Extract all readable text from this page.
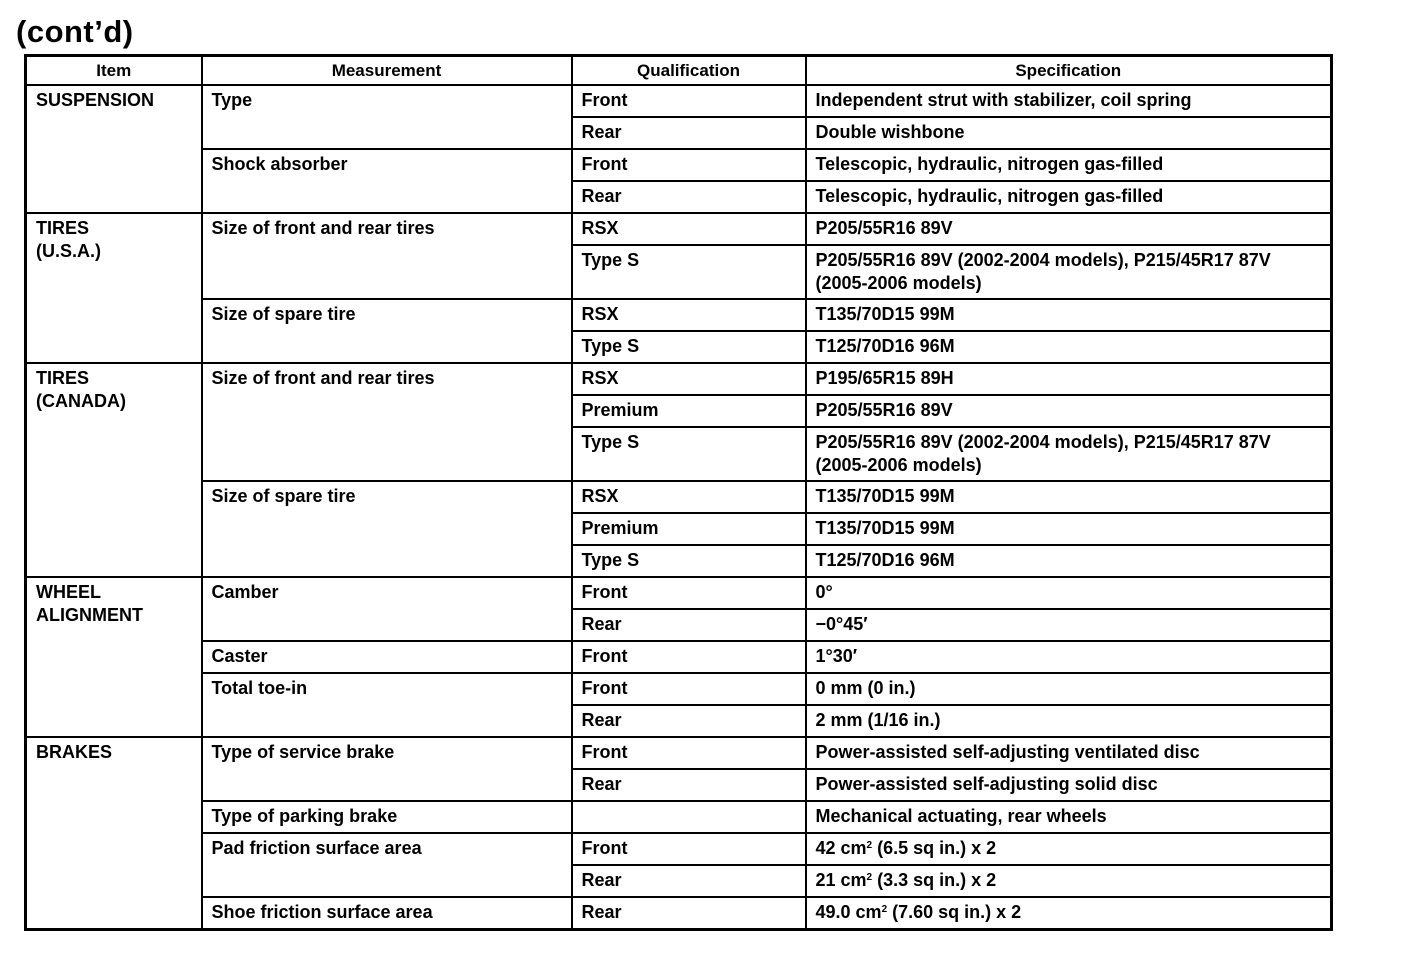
(cont’d)
Item	Measurement	Qualification	Specification
SUSPENSION	Type	Front	Independent strut with stabilizer, coil spring
		Rear	Double wishbone
	Shock absorber	Front	Telescopic, hydraulic, nitrogen gas-filled
		Rear	Telescopic, hydraulic, nitrogen gas-filled

TIRES
(U.S.A.)	Size of front and rear tires	RSX	P205/55R16 89V
		Type S	P205/55R16 89V (2002-2004 models), P215/45R17 87V
(2005-2006 models)

	Size of spare tire	RSX	T135/70D15 99M
		Type S	T125/70D16 96M

TIRES
(CANADA)	Size of front and rear tires	RSX	P195/65R15 89H
		Premium	P205/55R16 89V
		Type S	P205/55R16 89V (2002-2004 models), P215/45R17 87V
(2005-2006 models)

	Size of spare tire	RSX	T135/70D15 99M
		Premium	T135/70D15 99M
		Type S	T125/70D16 96M

WHEEL
ALIGNMENT	Camber	Front	0°
		Rear	−0°45′
	Caster	Front	1°30′
	Total toe-in	Front	0 mm (0 in.)
		Rear	2 mm (1/16 in.)
BRAKES	Type of service brake	Front	Power-assisted self-adjusting ventilated disc
		Rear	Power-assisted self-adjusting solid disc
	Type of parking brake		Mechanical actuating, rear wheels
	Pad friction surface area	Front	42 $cm^2$ (6.5 sq in.) x 2
		Rear	21 $cm^2$ (3.3 sq in.) x 2
	Shoe friction surface area	Rear	49.0 $cm^2$ (7.60 sq in.) x 2
